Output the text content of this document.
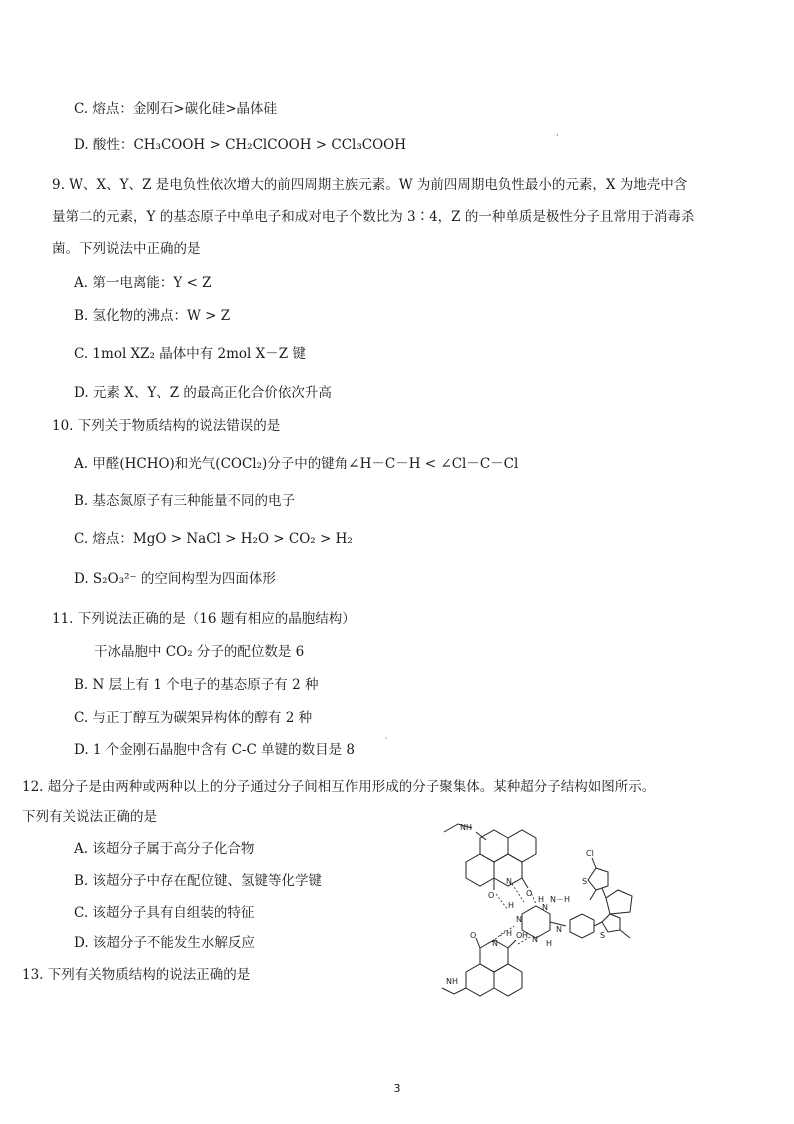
C. 熔点：金刚石>碳化硅>晶体硅
D. 酸性：CH₃COOH > CH₂ClCOOH > CCl₃COOH
,
9. W、X、Y、Z 是电负性依次增大的前四周期主族元素。W 为前四周期电负性最小的元素，X 为地壳中含
量第二的元素，Y 的基态原子中单电子和成对电子个数比为 3∶4，Z 的一种单质是极性分子且常用于消毒杀
菌。下列说法中正确的是
A. 第一电离能：Y < Z
B. 氢化物的沸点：W > Z
C. 1mol XZ₂ 晶体中有 2mol X－Z 键
D. 元素 X、Y、Z 的最高正化合价依次升高
10. 下列关于物质结构的说法错误的是
A. 甲醛(HCHO)和光气(COCl₂)分子中的键角∠H－C－H < ∠Cl－C－Cl
B. 基态氮原子有三种能量不同的电子
C. 熔点：MgO > NaCl > H₂O > CO₂ > H₂
D. S₂O₃²⁻ 的空间构型为四面体形
11. 下列说法正确的是（16 题有相应的晶胞结构）
干冰晶胞中 CO₂ 分子的配位数是 6
B. N 层上有 1 个电子的基态原子有 2 种
C. 与正丁醇互为碳架异构体的醇有 2 种
D. 1 个金刚石晶胞中含有 C-C 单键的数目是 8	`
12. 超分子是由两种或两种以上的分子通过分子间相互作用形成的分子聚集体。某种超分子结构如图所示。
下列有关说法正确的是
A. 该超分子属于高分子化合物
B. 该超分子中存在配位键、氢键等化学键
C. 该超分子具有自组装的特征
D. 该超分子不能发生水解反应
13. 下列有关物质结构的说法正确的是
NH
O	O
N
H
H N－H
N
N
N
N
H H
H
O	O
N
Cl
S
S
NH
3
